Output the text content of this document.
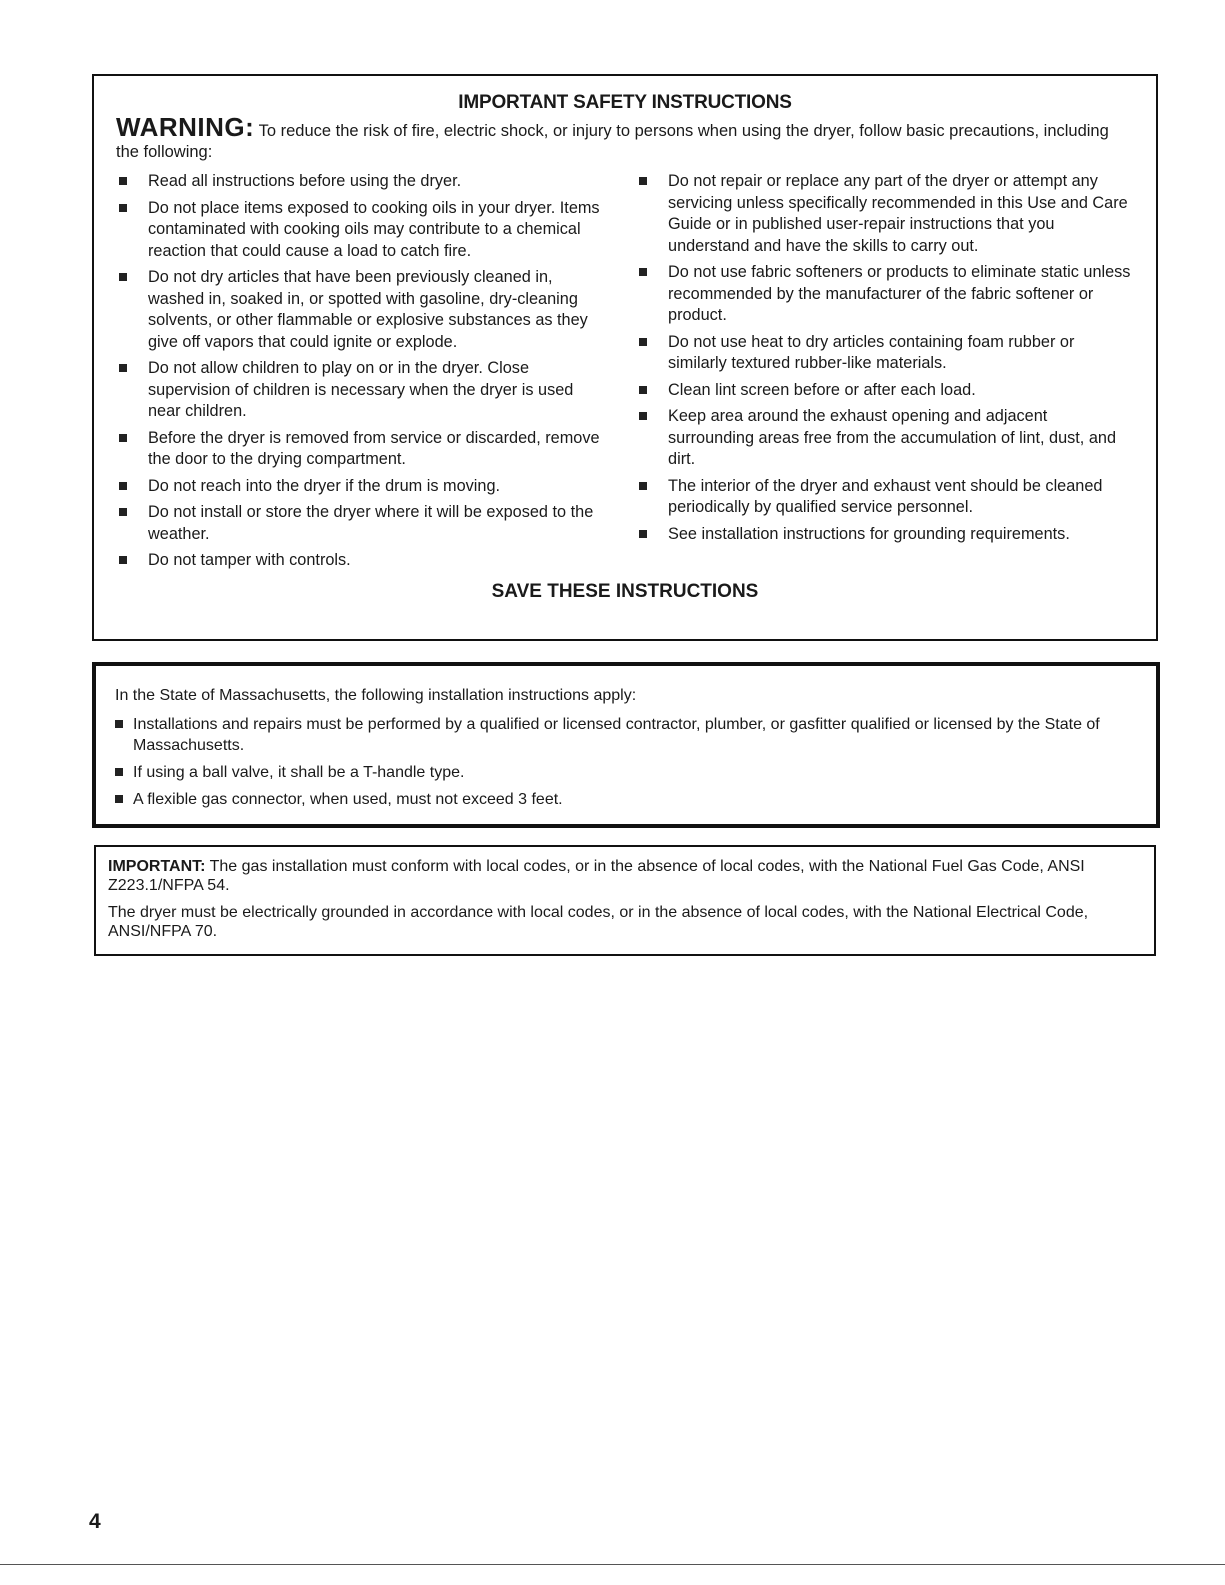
IMPORTANT SAFETY INSTRUCTIONS
WARNING: To reduce the risk of fire, electric shock, or injury to persons when using the dryer, follow basic precautions, including the following:
Read all instructions before using the dryer.
Do not place items exposed to cooking oils in your dryer. Items contaminated with cooking oils may contribute to a chemical reaction that could cause a load to catch fire.
Do not dry articles that have been previously cleaned in, washed in, soaked in, or spotted with gasoline, dry-cleaning solvents, or other flammable or explosive substances as they give off vapors that could ignite or explode.
Do not allow children to play on or in the dryer. Close supervision of children is necessary when the dryer is used near children.
Before the dryer is removed from service or discarded, remove the door to the drying compartment.
Do not reach into the dryer if the drum is moving.
Do not install or store the dryer where it will be exposed to the weather.
Do not tamper with controls.
Do not repair or replace any part of the dryer or attempt any servicing unless specifically recommended in this Use and Care Guide or in published user-repair instructions that you understand and have the skills to carry out.
Do not use fabric softeners or products to eliminate static unless recommended by the manufacturer of the fabric softener or product.
Do not use heat to dry articles containing foam rubber or similarly textured rubber-like materials.
Clean lint screen before or after each load.
Keep area around the exhaust opening and adjacent surrounding areas free from the accumulation of lint, dust, and dirt.
The interior of the dryer and exhaust vent should be cleaned periodically by qualified service personnel.
See installation instructions for grounding requirements.
SAVE THESE INSTRUCTIONS
In the State of Massachusetts, the following installation instructions apply:
Installations and repairs must be performed by a qualified or licensed contractor, plumber, or gasfitter qualified or licensed by the State of Massachusetts.
If using a ball valve, it shall be a T-handle type.
A flexible gas connector, when used, must not exceed 3 feet.

IMPORTANT: The gas installation must conform with local codes, or in the absence of local codes, with the National Fuel Gas Code, ANSI Z223.1/NFPA 54.

The dryer must be electrically grounded in accordance with local codes, or in the absence of local codes, with the National Electrical Code, ANSI/NFPA 70.

4
